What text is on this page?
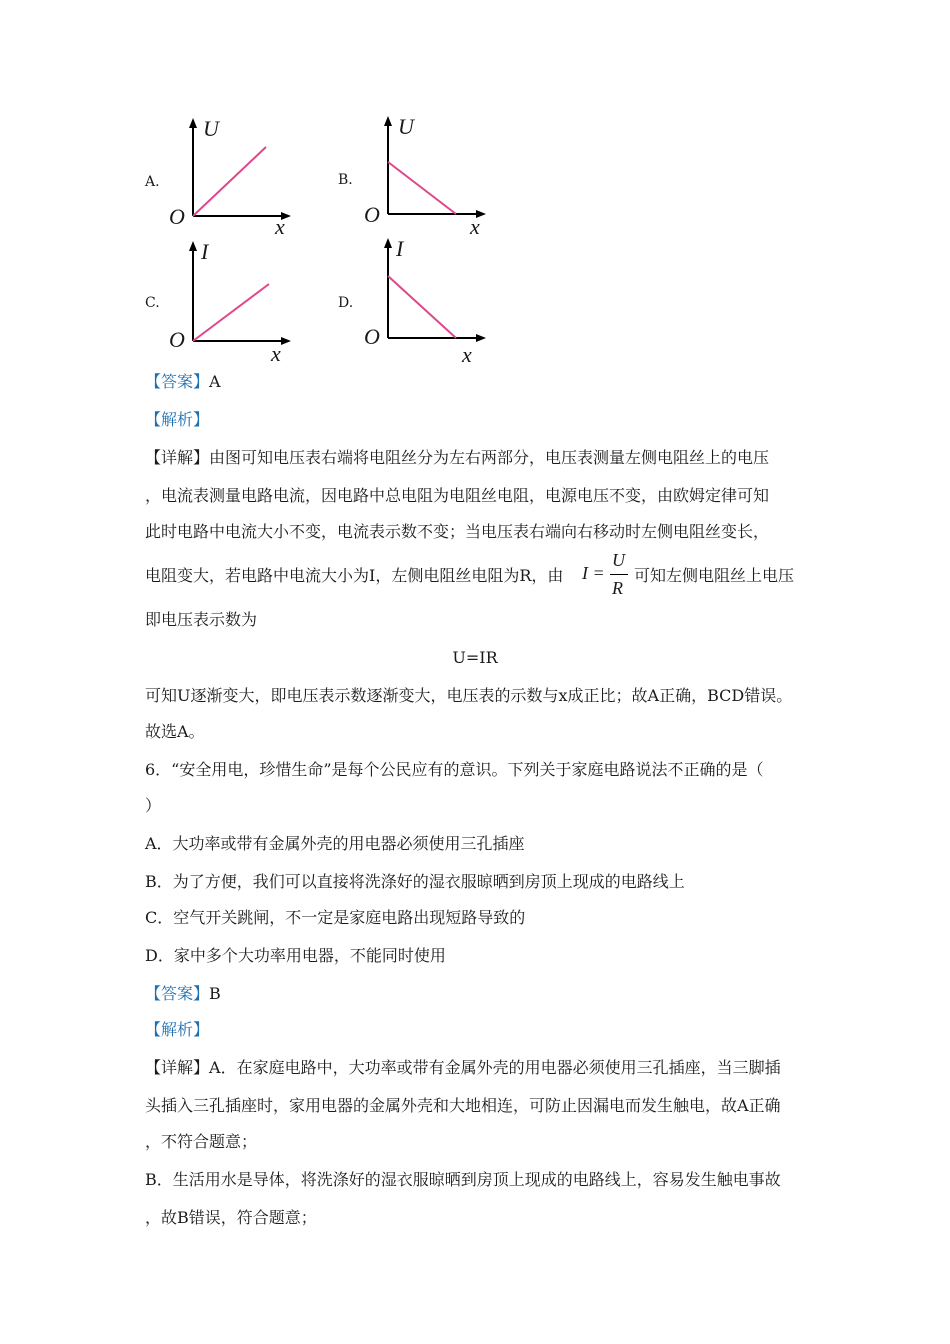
A.
U
O	x
B.
U
O	x
C.
I
O
x
D.
I
O
x
【答案】A
【解析】
【详解】由图可知电压表右端将电阻丝分为左右两部分，电压表测量左侧电阻丝上的电压
，电流表测量电路电流，因电路中总电阻为电阻丝电阻，电源电压不变，由欧姆定律可知
此时电路中电流大小不变，电流表示数不变；当电压表右端向右移动时左侧电阻丝变长，
电阻变大，若电路中电流大小为I，左侧电阻丝电阻为R，由 I =
U
R
可知左侧电阻丝上电压
即电压表示数为
U=IR
可知U逐渐变大，即电压表示数逐渐变大，电压表的示数与x成正比；故A正确，BCD错误。
故选A。
6．“安全用电，珍惜生命”是每个公民应有的意识。下列关于家庭电路说法不正确的是（
）
A．大功率或带有金属外壳的用电器必须使用三孔插座
B．为了方便，我们可以直接将洗涤好的湿衣服晾晒到房顶上现成的电路线上
C．空气开关跳闸，不一定是家庭电路出现短路导致的
D．家中多个大功率用电器，不能同时使用
【答案】B
【解析】
【详解】A．在家庭电路中，大功率或带有金属外壳的用电器必须使用三孔插座，当三脚插
头插入三孔插座时，家用电器的金属外壳和大地相连，可防止因漏电而发生触电，故A正确
，不符合题意；
B．生活用水是导体，将洗涤好的湿衣服晾晒到房顶上现成的电路线上，容易发生触电事故
，故B错误，符合题意；
